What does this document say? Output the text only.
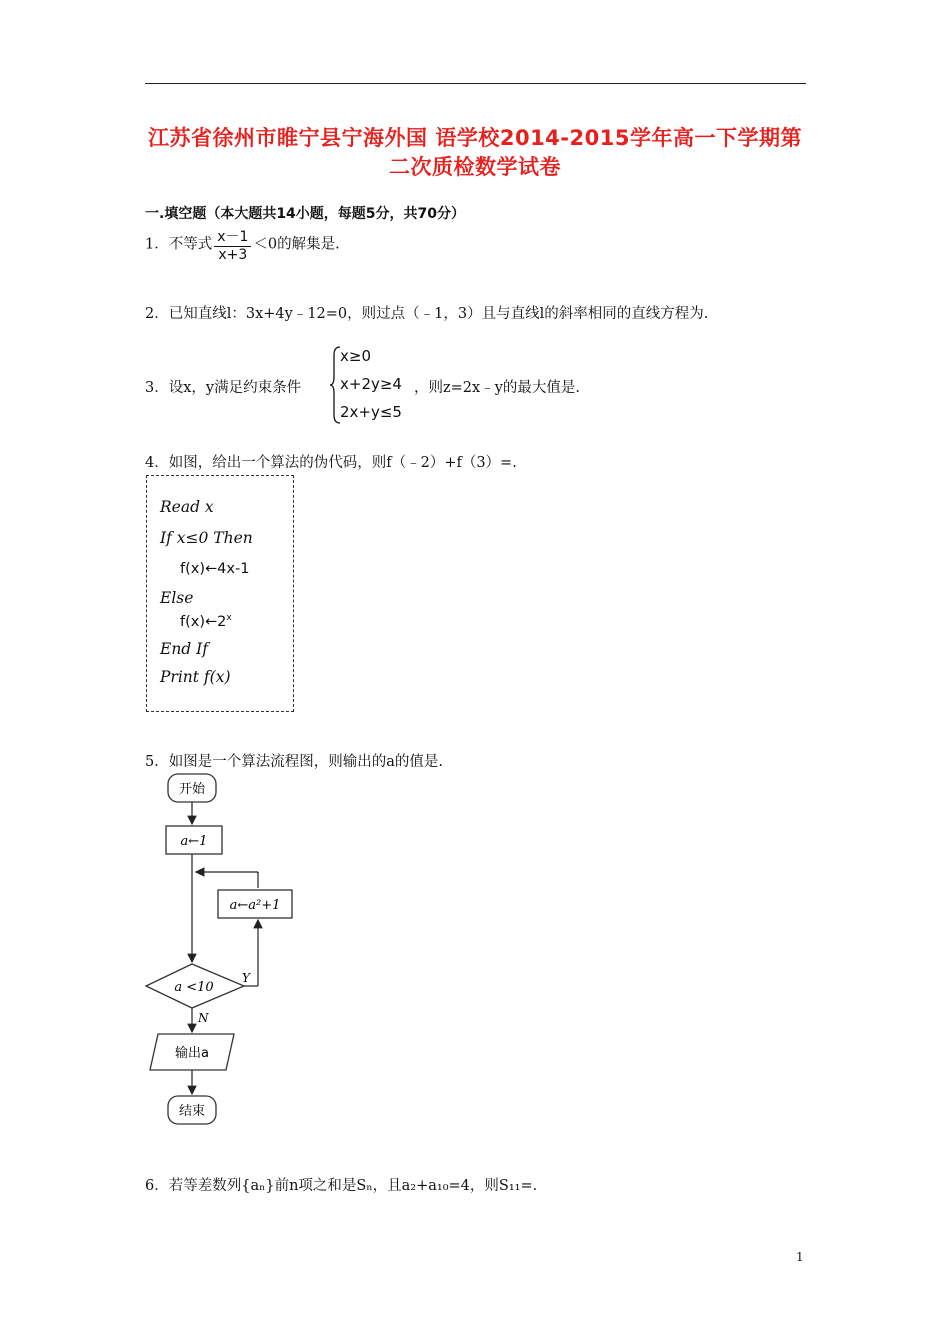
江苏省徐州市睢宁县宁海外国 语学校2014-2015学年高一下学期第
二次质检数学试卷
一.填空题（本大题共14小题，每题5分，共70分）
1．不等式 $\frac{x-1}{x+3} <0$的解集是.
2．已知直线l：3x+4y﹣12=0，则过点（﹣1，3）且与直线l的斜率相同的直线方程为.
3．设x，y满足约束条件
x≥0
x+2y≥4
2x+y≤5
，则z=2x﹣y的最大值是.
4．如图，给出一个算法的伪代码，则f（﹣2）+f（3）=.
Read x
If x≤0 Then
f(x)←4x-1
Else
f(x)←2$^x$
End If
Print f(x)
5．如图是一个算法流程图，则输出的a的值是.
开始
a←1
a←a²+1
a <10
Y
N
输出a
结束
6．若等差数列{aₙ}前n项之和是Sₙ，且a₂+a₁₀=4，则S₁₁=.
1
